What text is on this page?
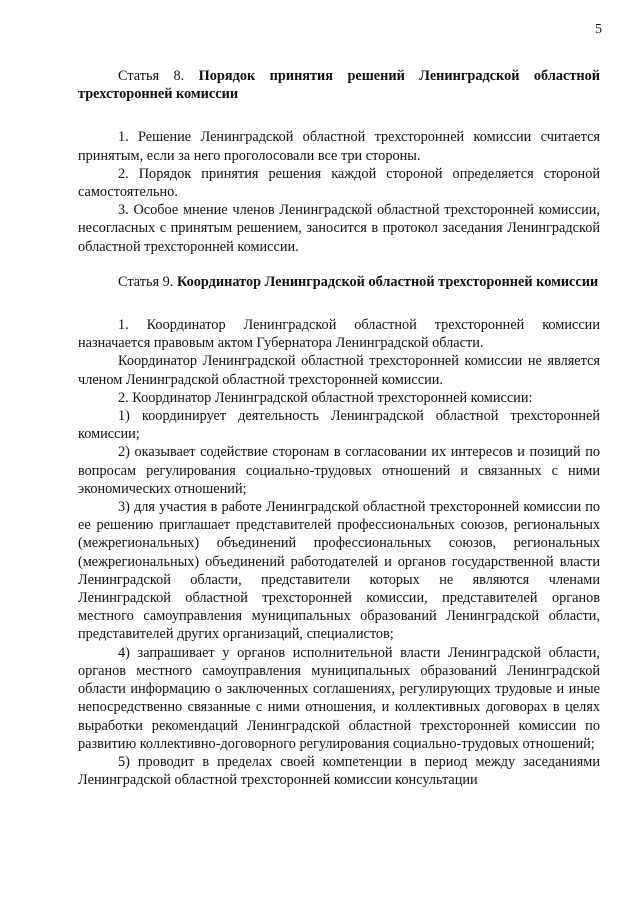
5
Статья 8. Порядок принятия решений Ленинградской областной трехсторонней комиссии

1. Решение Ленинградской областной трехсторонней комиссии считается принятым, если за него проголосовали все три стороны.

2. Порядок принятия решения каждой стороной определяется стороной самостоятельно.

3. Особое мнение членов Ленинградской областной трехсторонней комиссии, несогласных с принятым решением, заносится в протокол заседания Ленинградской областной трехсторонней комиссии.

Статья 9. Координатор Ленинградской областной трехсторонней комиссии

1. Координатор Ленинградской областной трехсторонней комиссии назначается правовым актом Губернатора Ленинградской области.

Координатор Ленинградской областной трехсторонней комиссии не является членом Ленинградской областной трехсторонней комиссии.

2. Координатор Ленинградской областной трехсторонней комиссии:

1) координирует деятельность Ленинградской областной трехсторонней комиссии;

2) оказывает содействие сторонам в согласовании их интересов и позиций по вопросам регулирования социально-трудовых отношений и связанных с ними экономических отношений;

3) для участия в работе Ленинградской областной трехсторонней комиссии по ее решению приглашает представителей профессиональных союзов, региональных (межрегиональных) объединений профессиональных союзов, региональных (межрегиональных) объединений работодателей и органов государственной власти Ленинградской области, представители которых не являются членами Ленинградской областной трехсторонней комиссии, представителей органов местного самоуправления муниципальных образований Ленинградской области, представителей других организаций, специалистов;

4) запрашивает у органов исполнительной власти Ленинградской области, органов местного самоуправления муниципальных образований Ленинградской области информацию о заключенных соглашениях, регулирующих трудовые и иные непосредственно связанные с ними отношения, и коллективных договорах в целях выработки рекомендаций Ленинградской областной трехсторонней комиссии по развитию коллективно-договорного регулирования социально-трудовых отношений;

5) проводит в пределах своей компетенции в период между заседаниями Ленинградской областной трехсторонней комиссии консультации
